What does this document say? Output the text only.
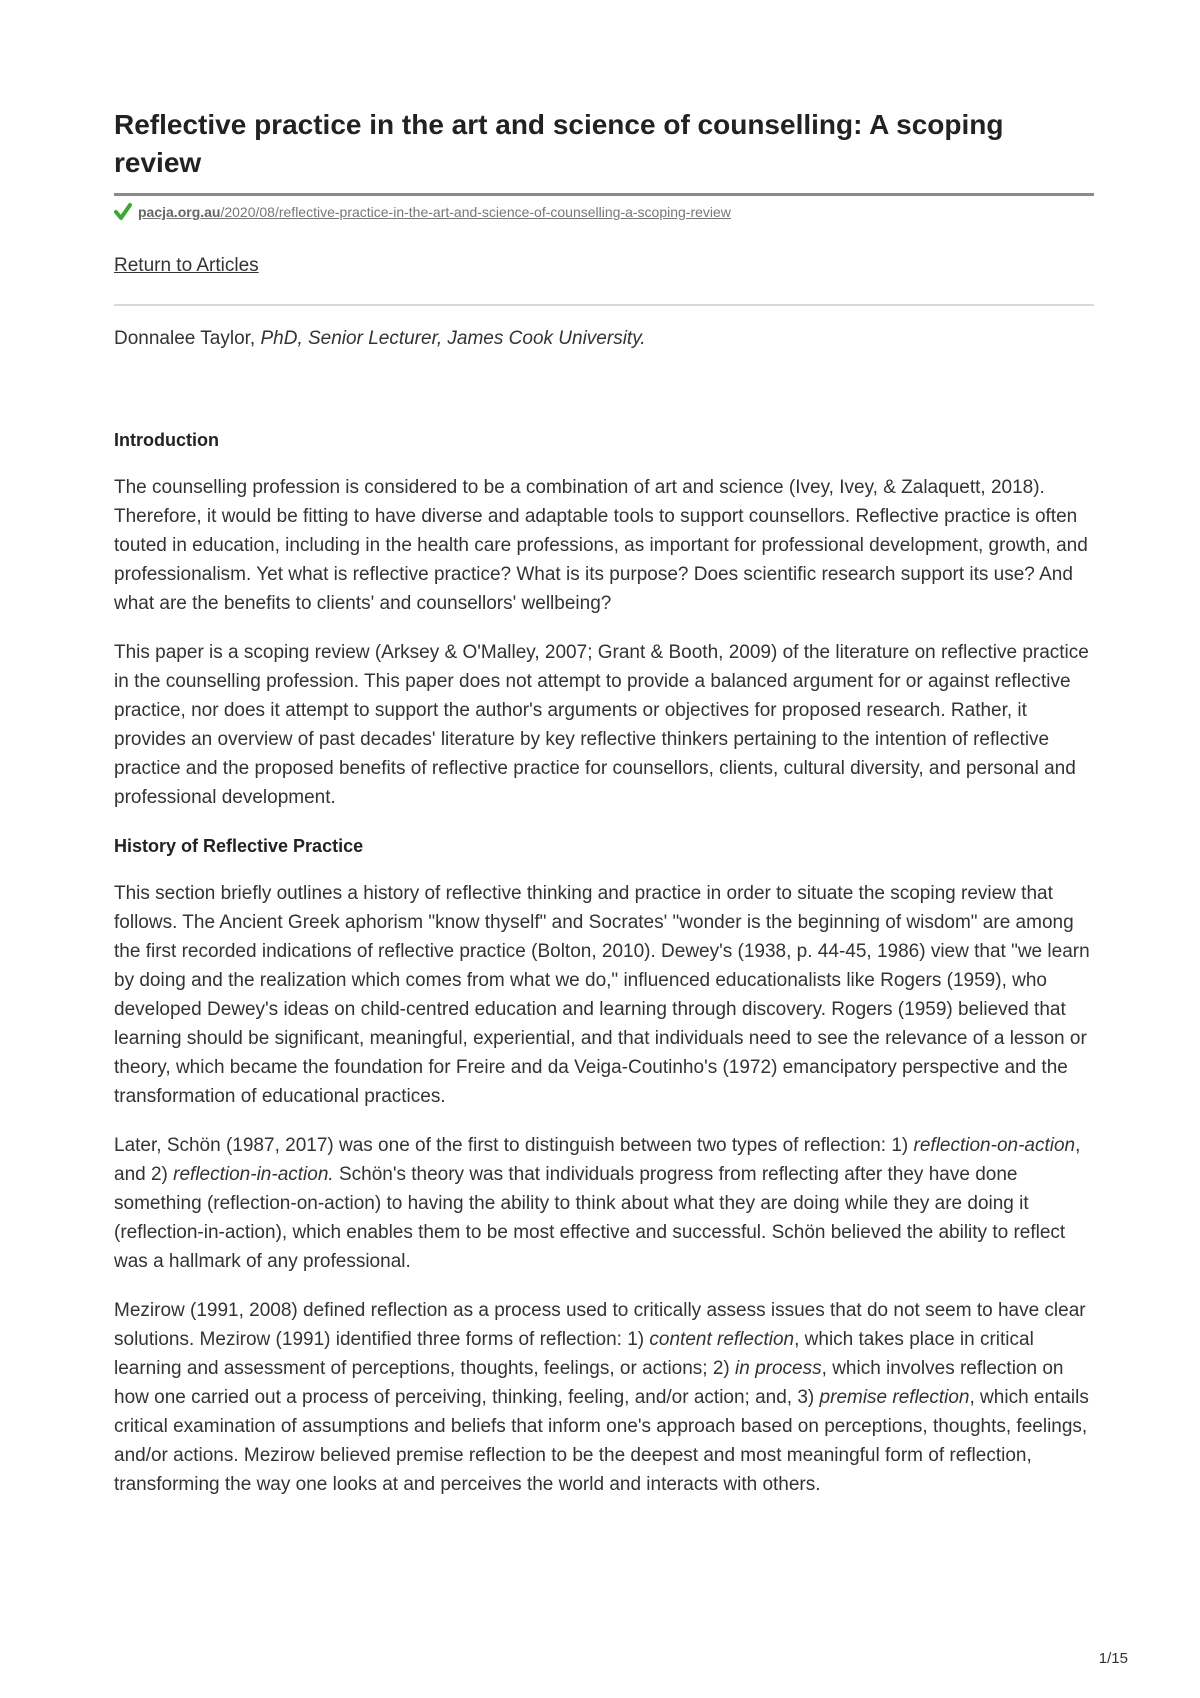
Reflective practice in the art and science of counselling: A scoping review
pacja.org.au/2020/08/reflective-practice-in-the-art-and-science-of-counselling-a-scoping-review
Return to Articles
Donnalee Taylor, PhD, Senior Lecturer, James Cook University.

Introduction

The counselling profession is considered to be a combination of art and science (Ivey, Ivey, & Zalaquett, 2018). Therefore, it would be fitting to have diverse and adaptable tools to support counsellors. Reflective practice is often touted in education, including in the health care professions, as important for professional development, growth, and professionalism. Yet what is reflective practice? What is its purpose? Does scientific research support its use? And what are the benefits to clients' and counsellors' wellbeing?

This paper is a scoping review (Arksey & O'Malley, 2007; Grant & Booth, 2009) of the literature on reflective practice in the counselling profession. This paper does not attempt to provide a balanced argument for or against reflective practice, nor does it attempt to support the author's arguments or objectives for proposed research. Rather, it provides an overview of past decades' literature by key reflective thinkers pertaining to the intention of reflective practice and the proposed benefits of reflective practice for counsellors, clients, cultural diversity, and personal and professional development.

History of Reflective Practice

This section briefly outlines a history of reflective thinking and practice in order to situate the scoping review that follows. The Ancient Greek aphorism "know thyself" and Socrates' "wonder is the beginning of wisdom" are among the first recorded indications of reflective practice (Bolton, 2010). Dewey's (1938, p. 44-45, 1986) view that "we learn by doing and the realization which comes from what we do," influenced educationalists like Rogers (1959), who developed Dewey's ideas on child-centred education and learning through discovery. Rogers (1959) believed that learning should be significant, meaningful, experiential, and that individuals need to see the relevance of a lesson or theory, which became the foundation for Freire and da Veiga-Coutinho's (1972) emancipatory perspective and the transformation of educational practices.

Later, Schön (1987, 2017) was one of the first to distinguish between two types of reflection: 1) reflection-on-action, and 2) reflection-in-action. Schön's theory was that individuals progress from reflecting after they have done something (reflection-on-action) to having the ability to think about what they are doing while they are doing it (reflection-in-action), which enables them to be most effective and successful. Schön believed the ability to reflect was a hallmark of any professional.

Mezirow (1991, 2008) defined reflection as a process used to critically assess issues that do not seem to have clear solutions. Mezirow (1991) identified three forms of reflection: 1) content reflection, which takes place in critical learning and assessment of perceptions, thoughts, feelings, or actions; 2) in process, which involves reflection on how one carried out a process of perceiving, thinking, feeling, and/or action; and, 3) premise reflection, which entails critical examination of assumptions and beliefs that inform one's approach based on perceptions, thoughts, feelings, and/or actions. Mezirow believed premise reflection to be the deepest and most meaningful form of reflection, transforming the way one looks at and perceives the world and interacts with others.

1/15
